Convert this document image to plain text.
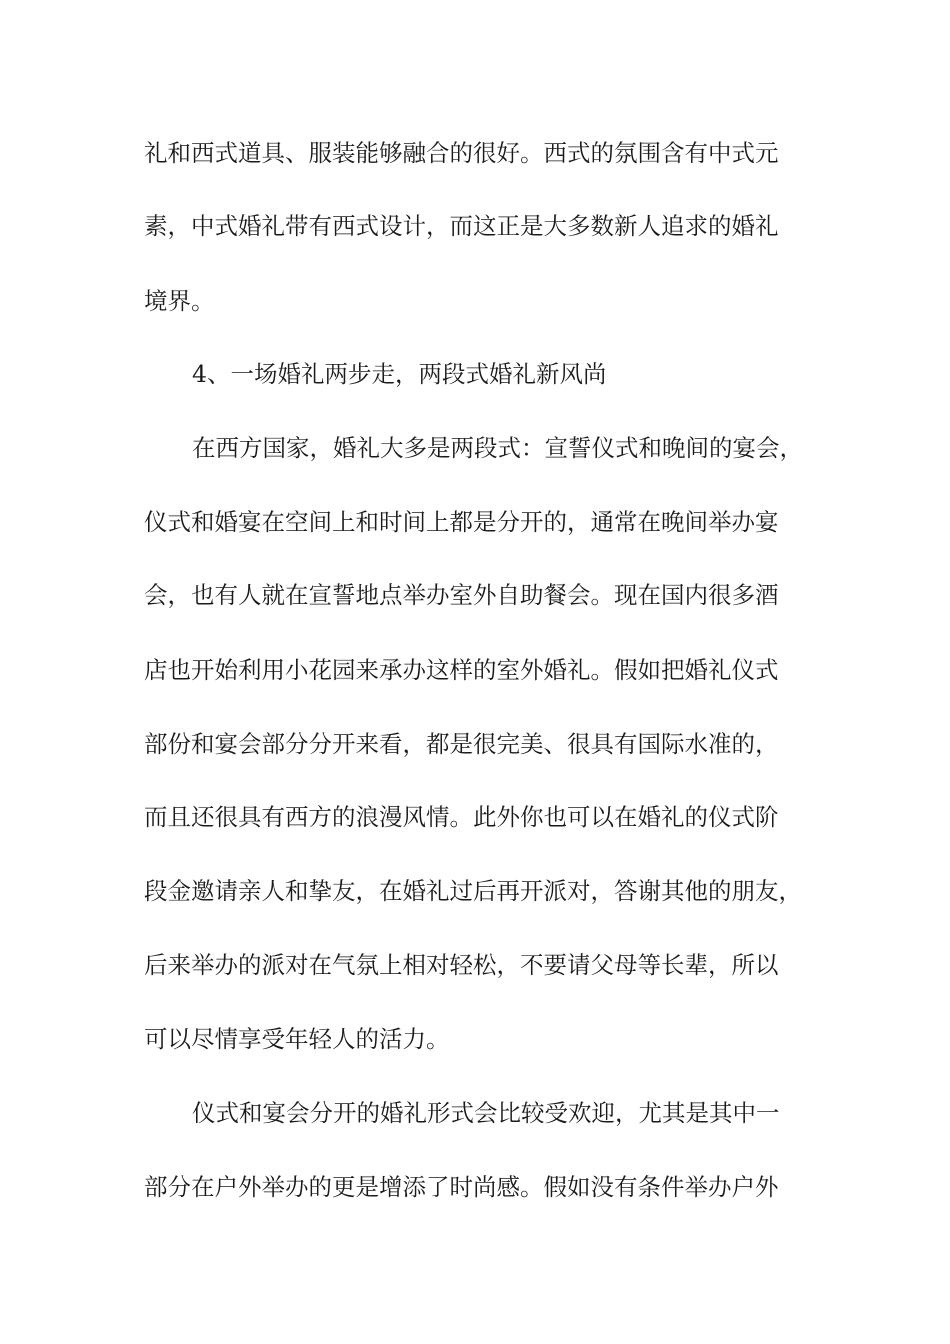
礼和西式道具、服装能够融合的很好。西式的氛围含有中式元
素，中式婚礼带有西式设计，而这正是大多数新人追求的婚礼
境界。
4、一场婚礼两步走，两段式婚礼新风尚
在西方国家，婚礼大多是两段式：宣誓仪式和晚间的宴会，
仪式和婚宴在空间上和时间上都是分开的，通常在晚间举办宴
会，也有人就在宣誓地点举办室外自助餐会。现在国内很多酒
店也开始利用小花园来承办这样的室外婚礼。假如把婚礼仪式
部份和宴会部分分开来看，都是很完美、很具有国际水准的，
而且还很具有西方的浪漫风情。此外你也可以在婚礼的仪式阶
段金邀请亲人和挚友，在婚礼过后再开派对，答谢其他的朋友，
后来举办的派对在气氛上相对轻松，不要请父母等长辈，所以
可以尽情享受年轻人的活力。
仪式和宴会分开的婚礼形式会比较受欢迎，尤其是其中一
部分在户外举办的更是增添了时尚感。假如没有条件举办户外
